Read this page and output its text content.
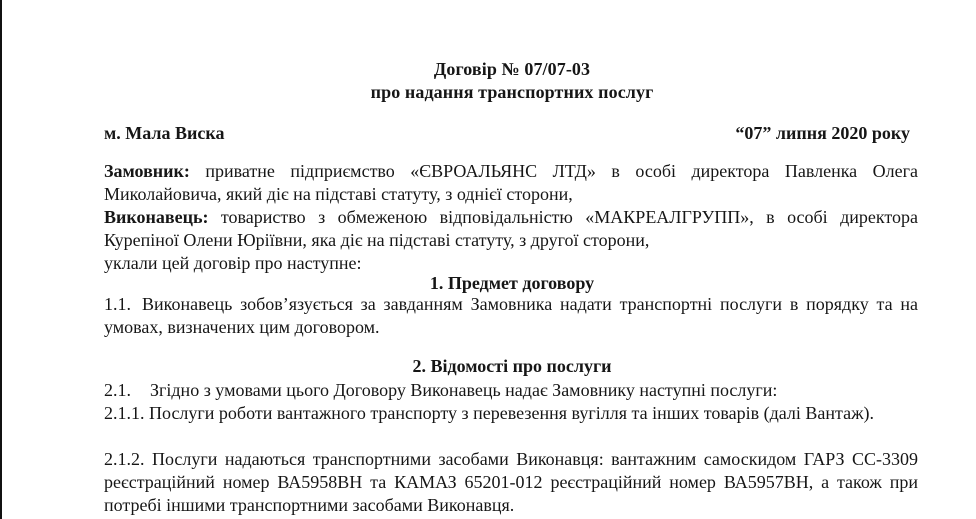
Договір № 07/07-03
про надання транспортних послуг
м. Мала Виска	“07” липня 2020 року
Замовник: приватне підприємство «ЄВРОАЛЬЯНС ЛТД» в особі директора Павленка Олега Миколайовича, який діє на підставі статуту, з однієї сторони,
Виконавець: товариство з обмеженою відповідальністю «МАКРЕАЛГРУПП», в особі директора Курепіної Олени Юріївни, яка діє на підставі статуту, з другої сторони,
уклали цей договір про наступне:
1. Предмет договору
1.1. Виконавець зобов’язується за завданням Замовника надати транспортні послуги в порядку та на умовах, визначених цим договором.
2. Відомості про послуги
2.1. Згідно з умовами цього Договору Виконавець надає Замовнику наступні послуги:
2.1.1. Послуги роботи вантажного транспорту з перевезення вугілля та інших товарів (далі Вантаж).
2.1.2. Послуги надаються транспортними засобами Виконавця: вантажним самоскидом ГАРЗ СС-3309 реєстраційний номер ВА5958ВН та КАМАЗ 65201-012 реєстраційний номер ВА5957ВН, а також при потребі іншими транспортними засобами Виконавця.
